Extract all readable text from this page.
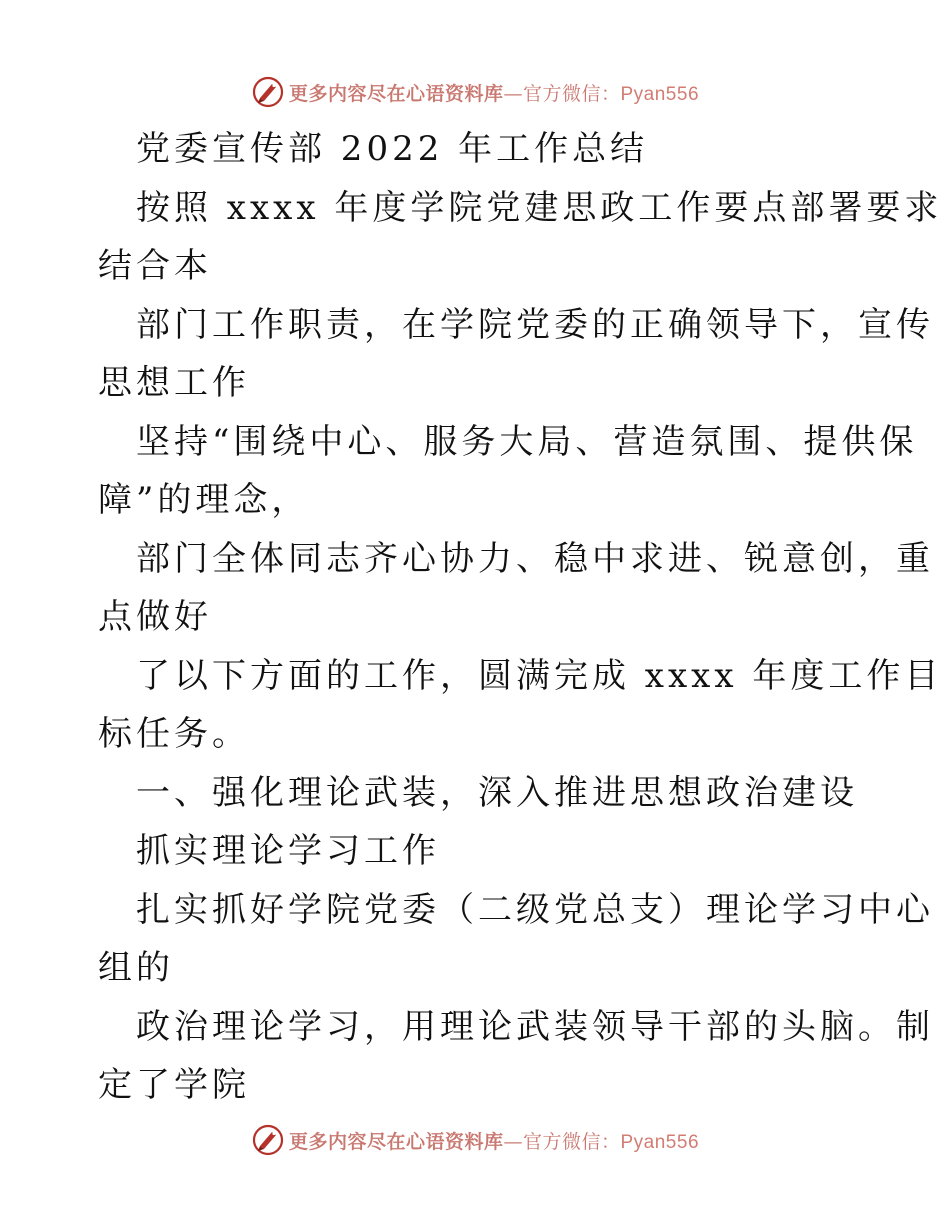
更多内容尽在心语资料库—官方微信：Pyan556
党委宣传部 2022 年工作总结
按照 xxxx 年度学院党建思政工作要点部署要求
结合本
部门工作职责，在学院党委的正确领导下，宣传
思想工作
坚持“围绕中心、服务大局、营造氛围、提供保
障”的理念，
部门全体同志齐心协力、稳中求进、锐意创，重
点做好
了以下方面的工作，圆满完成 xxxx 年度工作目
标任务。
一、强化理论武装，深入推进思想政治建设
抓实理论学习工作
扎实抓好学院党委（二级党总支）理论学习中心
组的
政治理论学习，用理论武装领导干部的头脑。制
定了学院
更多内容尽在心语资料库—官方微信：Pyan556
